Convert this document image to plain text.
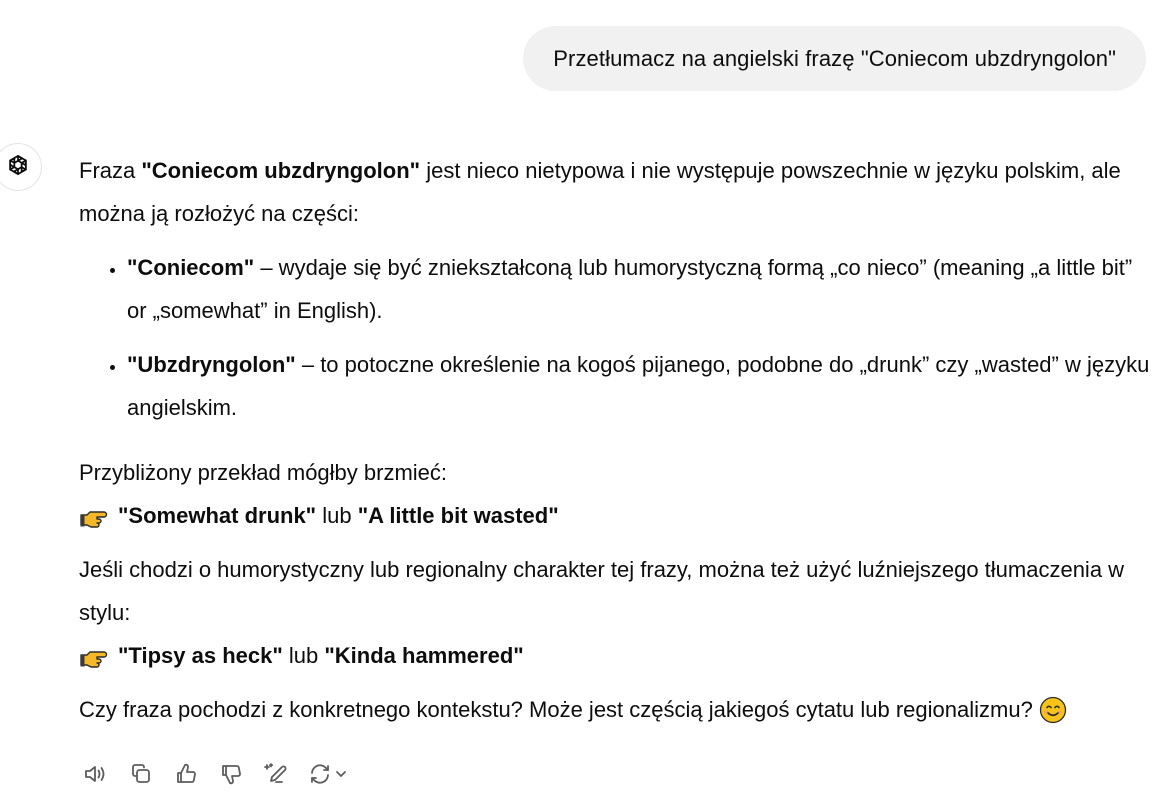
Przetłumacz na angielski frazę "Coniecom ubzdryngolon"

Fraza "Coniecom ubzdryngolon" jest nieco nietypowa i nie występuje powszechnie w języku polskim, ale można ją rozłożyć na części:

• "Coniecom" – wydaje się być zniekształconą lub humorystyczną formą „co nieco” (meaning „a little bit” or „somewhat” in English).
• "Ubzdryngolon" – to potoczne określenie na kogoś pijanego, podobne do „drunk” czy „wasted” w języku angielskim.

Przybliżony przekład mógłby brzmieć:

"Somewhat drunk" lub "A little bit wasted"

Jeśli chodzi o humorystyczny lub regionalny charakter tej frazy, można też użyć luźniejszego tłumaczenia w stylu:

"Tipsy as heck" lub "Kinda hammered"

Czy fraza pochodzi z konkretnego kontekstu? Może jest częścią jakiegoś cytatu lub regionalizmu?
